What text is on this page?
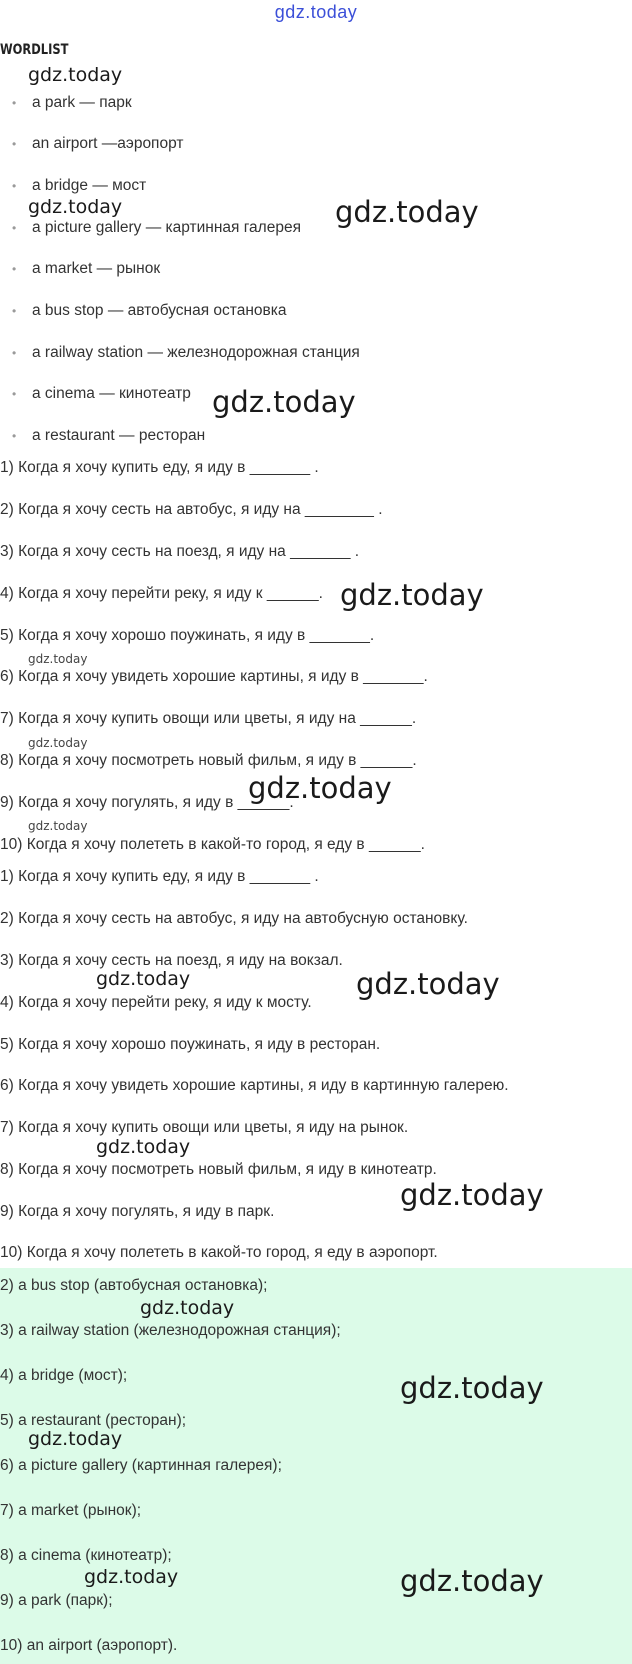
gdz.today
WORDLIST
• a park — парк
• an airport —аэропорт
• a bridge — мост
• a picture gallery — картинная галерея
• a market — рынок
• a bus stop — автобусная остановка
• a railway station — железнодорожная станция
• a cinema — кинотеатр
• a restaurant — ресторан
1) Когда я хочу купить еду, я иду в _______ .
2) Когда я хочу сесть на автобус, я иду на ________ .
3) Когда я хочу сесть на поезд, я иду на _______ .
4) Когда я хочу перейти реку, я иду к ______.
5) Когда я хочу хорошо поужинать, я иду в _______.
6) Когда я хочу увидеть хорошие картины, я иду в _______.
7) Когда я хочу купить овощи или цветы, я иду на ______.
8) Когда я хочу посмотреть новый фильм, я иду в ______.
9) Когда я хочу погулять, я иду в ______.
10) Когда я хочу полететь в какой-то город, я еду в ______.
1) Когда я хочу купить еду, я иду в _______ .
2) Когда я хочу сесть на автобус, я иду на автобусную остановку.
3) Когда я хочу сесть на поезд, я иду на вокзал.
4) Когда я хочу перейти реку, я иду к мосту.
5) Когда я хочу хорошо поужинать, я иду в ресторан.
6) Когда я хочу увидеть хорошие картины, я иду в картинную галерею.
7) Когда я хочу купить овощи или цветы, я иду на рынок.
8) Когда я хочу посмотреть новый фильм, я иду в кинотеатр.
9) Когда я хочу погулять, я иду в парк.
10) Когда я хочу полететь в какой-то город, я еду в аэропорт.
2) a bus stop (автобусная остановка);
3) a railway station (железнодорожная станция);
4) a bridge (мост);
5) a restaurant (ресторан);
6) a picture gallery (картинная галерея);
7) a market (рынок);
8) a cinema (кинотеатр);
9) a park (парк);
10) an airport (аэропорт).
gdz.today
gdz.today	gdz.today
gdz.today
gdz.today
gdz.today
gdz.today
gdz.today
gdz.today
gdz.today	gdz.today
gdz.today
gdz.today
gdz.today
gdz.today
gdz.today
gdz.today	gdz.today
